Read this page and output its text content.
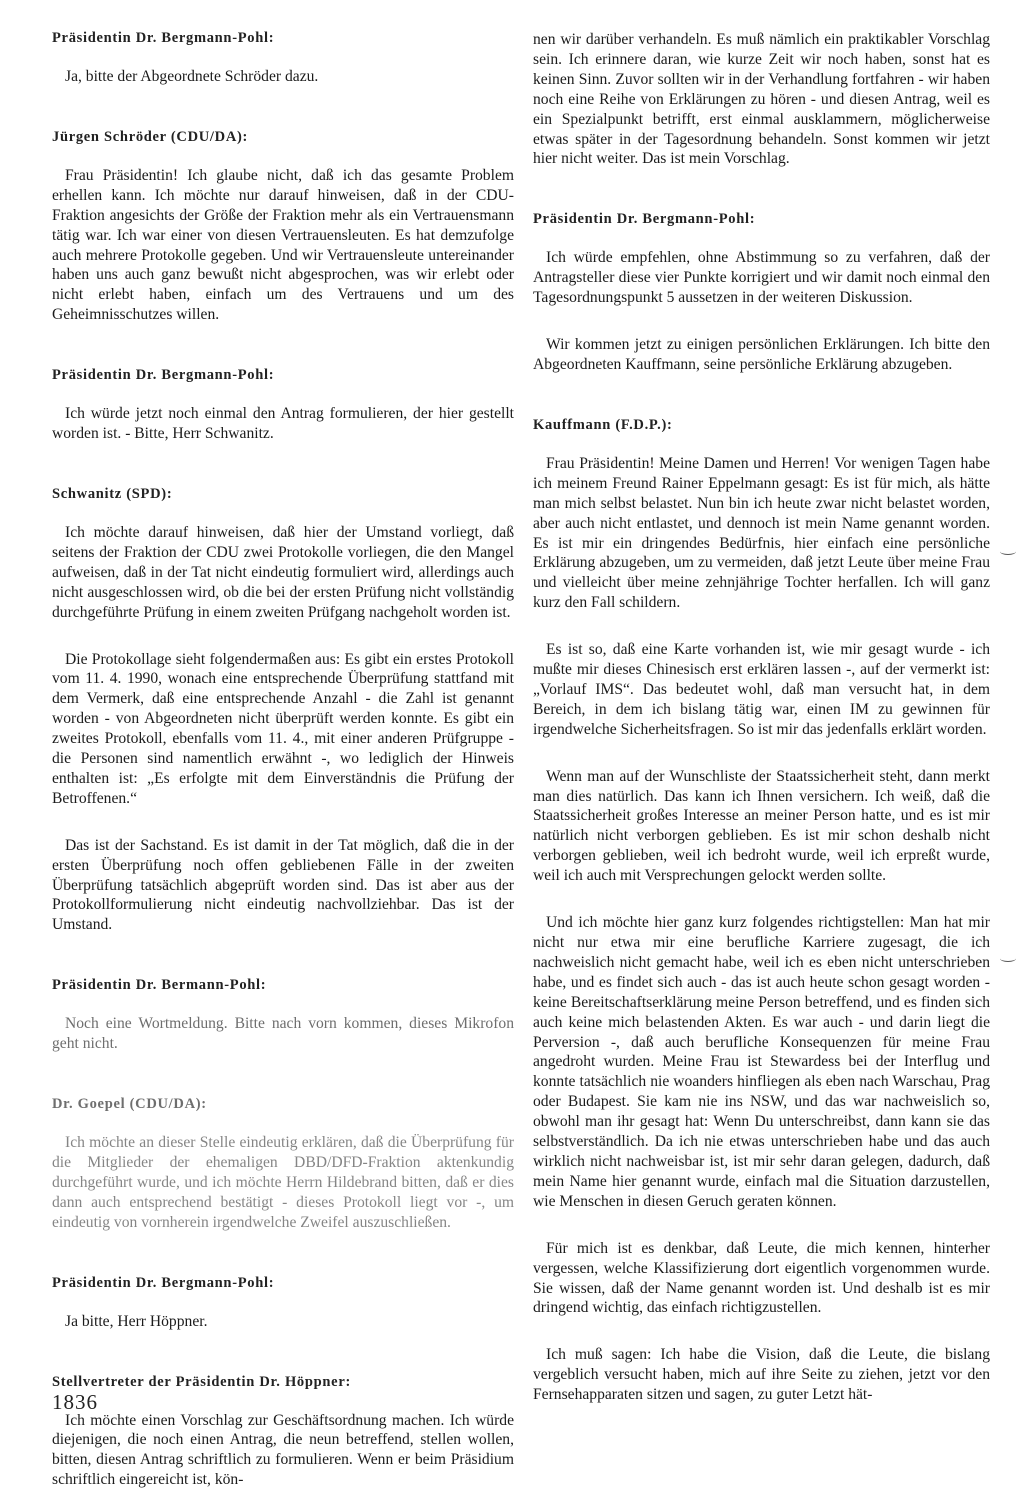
Präsidentin Dr. Bergmann-Pohl:

Ja, bitte der Abgeordnete Schröder dazu.

Jürgen Schröder (CDU/DA):

Frau Präsidentin! Ich glaube nicht, daß ich das gesamte Problem erhellen kann. Ich möchte nur darauf hinweisen, daß in der CDU-Fraktion angesichts der Größe der Fraktion mehr als ein Vertrauensmann tätig war. Ich war einer von diesen Vertrauensleuten. Es hat demzufolge auch mehrere Protokolle gegeben. Und wir Vertrauensleute untereinander haben uns auch ganz bewußt nicht abgesprochen, was wir erlebt oder nicht erlebt haben, einfach um des Vertrauens und um des Geheimnisschutzes willen.

Präsidentin Dr. Bergmann-Pohl:

Ich würde jetzt noch einmal den Antrag formulieren, der hier gestellt worden ist. - Bitte, Herr Schwanitz.

Schwanitz (SPD):

Ich möchte darauf hinweisen, daß hier der Umstand vorliegt, daß seitens der Fraktion der CDU zwei Protokolle vorliegen, die den Mangel aufweisen, daß in der Tat nicht eindeutig formuliert wird, allerdings auch nicht ausgeschlossen wird, ob die bei der ersten Prüfung nicht vollständig durchgeführte Prüfung in einem zweiten Prüfgang nachgeholt worden ist.

Die Protokollage sieht folgendermaßen aus: Es gibt ein erstes Protokoll vom 11. 4. 1990, wonach eine entsprechende Überprüfung stattfand mit dem Vermerk, daß eine entsprechende Anzahl - die Zahl ist genannt worden - von Abgeordneten nicht überprüft werden konnte. Es gibt ein zweites Protokoll, ebenfalls vom 11. 4., mit einer anderen Prüfgruppe - die Personen sind namentlich erwähnt -, wo lediglich der Hinweis enthalten ist: „Es erfolgte mit dem Einverständnis die Prüfung der Betroffenen.“

Das ist der Sachstand. Es ist damit in der Tat möglich, daß die in der ersten Überprüfung noch offen gebliebenen Fälle in der zweiten Überprüfung tatsächlich abgeprüft worden sind. Das ist aber aus der Protokollformulierung nicht eindeutig nachvollziehbar. Das ist der Umstand.

Präsidentin Dr. Bermann-Pohl:

Noch eine Wortmeldung. Bitte nach vorn kommen, dieses Mikrofon geht nicht.

Dr. Goepel (CDU/DA):

Ich möchte an dieser Stelle eindeutig erklären, daß die Überprüfung für die Mitglieder der ehemaligen DBD/DFD-Fraktion aktenkundig durchgeführt wurde, und ich möchte Herrn Hildebrand bitten, daß er dies dann auch entsprechend bestätigt - dieses Protokoll liegt vor -, um eindeutig von vornherein irgendwelche Zweifel auszuschließen.

Präsidentin Dr. Bergmann-Pohl:

Ja bitte, Herr Höppner.

Stellvertreter der Präsidentin Dr. Höppner:

Ich möchte einen Vorschlag zur Geschäftsordnung machen. Ich würde diejenigen, die noch einen Antrag, die neun betreffend, stellen wollen, bitten, diesen Antrag schriftlich zu formulieren. Wenn er beim Präsidium schriftlich eingereicht ist, kön-

nen wir darüber verhandeln. Es muß nämlich ein praktikabler Vorschlag sein. Ich erinnere daran, wie kurze Zeit wir noch haben, sonst hat es keinen Sinn. Zuvor sollten wir in der Verhandlung fortfahren - wir haben noch eine Reihe von Erklärungen zu hören - und diesen Antrag, weil es ein Spezialpunkt betrifft, erst einmal ausklammern, möglicherweise etwas später in der Tagesordnung behandeln. Sonst kommen wir jetzt hier nicht weiter. Das ist mein Vorschlag.

Präsidentin Dr. Bergmann-Pohl:

Ich würde empfehlen, ohne Abstimmung so zu verfahren, daß der Antragsteller diese vier Punkte korrigiert und wir damit noch einmal den Tagesordnungspunkt 5 aussetzen in der weiteren Diskussion.

Wir kommen jetzt zu einigen persönlichen Erklärungen. Ich bitte den Abgeordneten Kauffmann, seine persönliche Erklärung abzugeben.

Kauffmann (F.D.P.):

Frau Präsidentin! Meine Damen und Herren! Vor wenigen Tagen habe ich meinem Freund Rainer Eppelmann gesagt: Es ist für mich, als hätte man mich selbst belastet. Nun bin ich heute zwar nicht belastet worden, aber auch nicht entlastet, und dennoch ist mein Name genannt worden. Es ist mir ein dringendes Bedürfnis, hier einfach eine persönliche Erklärung abzugeben, um zu vermeiden, daß jetzt Leute über meine Frau und vielleicht über meine zehnjährige Tochter herfallen. Ich will ganz kurz den Fall schildern.

Es ist so, daß eine Karte vorhanden ist, wie mir gesagt wurde - ich mußte mir dieses Chinesisch erst erklären lassen -, auf der vermerkt ist: „Vorlauf IMS“. Das bedeutet wohl, daß man versucht hat, in dem Bereich, in dem ich bislang tätig war, einen IM zu gewinnen für irgendwelche Sicherheitsfragen. So ist mir das jedenfalls erklärt worden.

Wenn man auf der Wunschliste der Staatssicherheit steht, dann merkt man dies natürlich. Das kann ich Ihnen versichern. Ich weiß, daß die Staatssicherheit großes Interesse an meiner Person hatte, und es ist mir natürlich nicht verborgen geblieben. Es ist mir schon deshalb nicht verborgen geblieben, weil ich bedroht wurde, weil ich erpreßt wurde, weil ich auch mit Versprechungen gelockt werden sollte.

Und ich möchte hier ganz kurz folgendes richtigstellen: Man hat mir nicht nur etwa mir eine berufliche Karriere zugesagt, die ich nachweislich nicht gemacht habe, weil ich es eben nicht unterschrieben habe, und es findet sich auch - das ist auch heute schon gesagt worden - keine Bereitschaftserklärung meine Person betreffend, und es finden sich auch keine mich belastenden Akten. Es war auch - und darin liegt die Perversion -, daß auch berufliche Konsequenzen für meine Frau angedroht wurden. Meine Frau ist Stewardess bei der Interflug und konnte tatsächlich nie woanders hinfliegen als eben nach Warschau, Prag oder Budapest. Sie kam nie ins NSW, und das war nachweislich so, obwohl man ihr gesagt hat: Wenn Du unterschreibst, dann kann sie das selbstverständlich. Da ich nie etwas unterschrieben habe und das auch wirklich nicht nachweisbar ist, ist mir sehr daran gelegen, dadurch, daß mein Name hier genannt wurde, einfach mal die Situation darzustellen, wie Menschen in diesen Geruch geraten können.

Für mich ist es denkbar, daß Leute, die mich kennen, hinterher vergessen, welche Klassifizierung dort eigentlich vorgenommen wurde. Sie wissen, daß der Name genannt worden ist. Und deshalb ist es mir dringend wichtig, das einfach richtigzustellen.

Ich muß sagen: Ich habe die Vision, daß die Leute, die bislang vergeblich versucht haben, mich auf ihre Seite zu ziehen, jetzt vor den Fernsehapparaten sitzen und sagen, zu guter Letzt hät-

1836
